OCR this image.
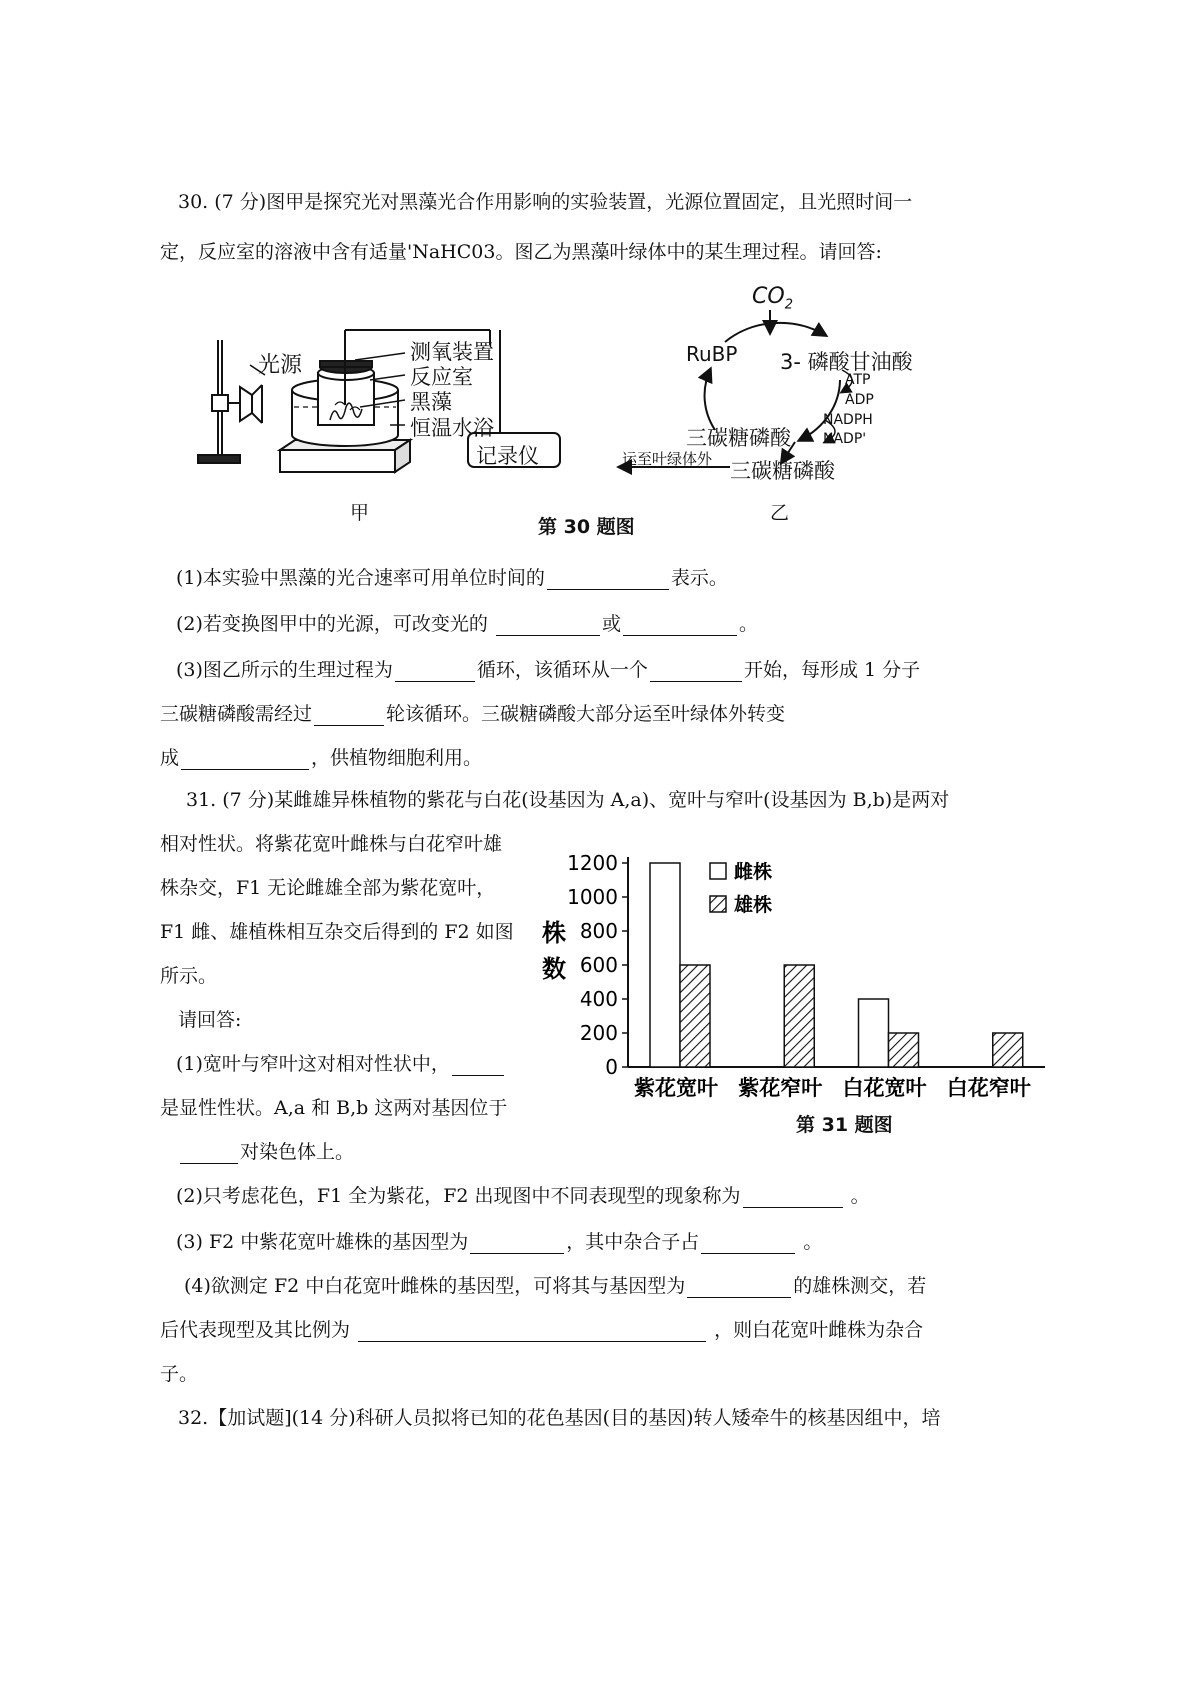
30. (7 分)图甲是探究光对黑藻光合作用影响的实验装置，光源位置固定，且光照时间一
定，反应室的溶液中含有适量'NaHC03。图乙为黑藻叶绿体中的某生理过程。请回答:
光源
测氧装置
反应室
黑藻
恒温水浴
记录仪
甲
$CO_2$
RuBP 3- 磷酸甘油酸
ATP
ADP
NADPH
NADP'
三碳糖磷酸
三碳糖磷酸
运至叶绿体外
乙
第 30 题图
(1)本实验中黑藻的光合速率可用单位时间的	表示。
(2)若变换图甲中的光源，可改变光的	或	。
(3)图乙所示的生理过程为	循环，该循环从一个	开始，每形成 1 分子
三碳糖磷酸需经过	轮该循环。三碳糖磷酸大部分运至叶绿体外转变
成	，供植物细胞利用。
31. (7 分)某雌雄异株植物的紫花与白花(设基因为 A,a)、宽叶与窄叶(设基因为 B,b)是两对
相对性状。将紫花宽叶雌株与白花窄叶雄
株杂交，F1 无论雌雄全部为紫花宽叶，
F1 雌、雄植株相互杂交后得到的 F2 如图
所示。
请回答:
(1)宽叶与窄叶这对相对性状中，
是显性性状。A,a 和 B,b 这两对基因位于
对染色体上。
株
数
0
200
400
600
800
1000
1200
紫花宽叶 紫花窄叶 白花宽叶 白花窄叶
雌株
雄株
第 31 题图
(2)只考虑花色，F1 全为紫花，F2 出现图中不同表现型的现象称为	。
(3) F2 中紫花宽叶雄株的基因型为	，其中杂合子占	。
(4)欲测定 F2 中白花宽叶雌株的基因型，可将其与基因型为	的雄株测交，若
后代表现型及其比例为	，则白花宽叶雌株为杂合
子。
32.【加试题](14 分)科研人员拟将已知的花色基因(目的基因)转人矮牵牛的核基因组中，培
